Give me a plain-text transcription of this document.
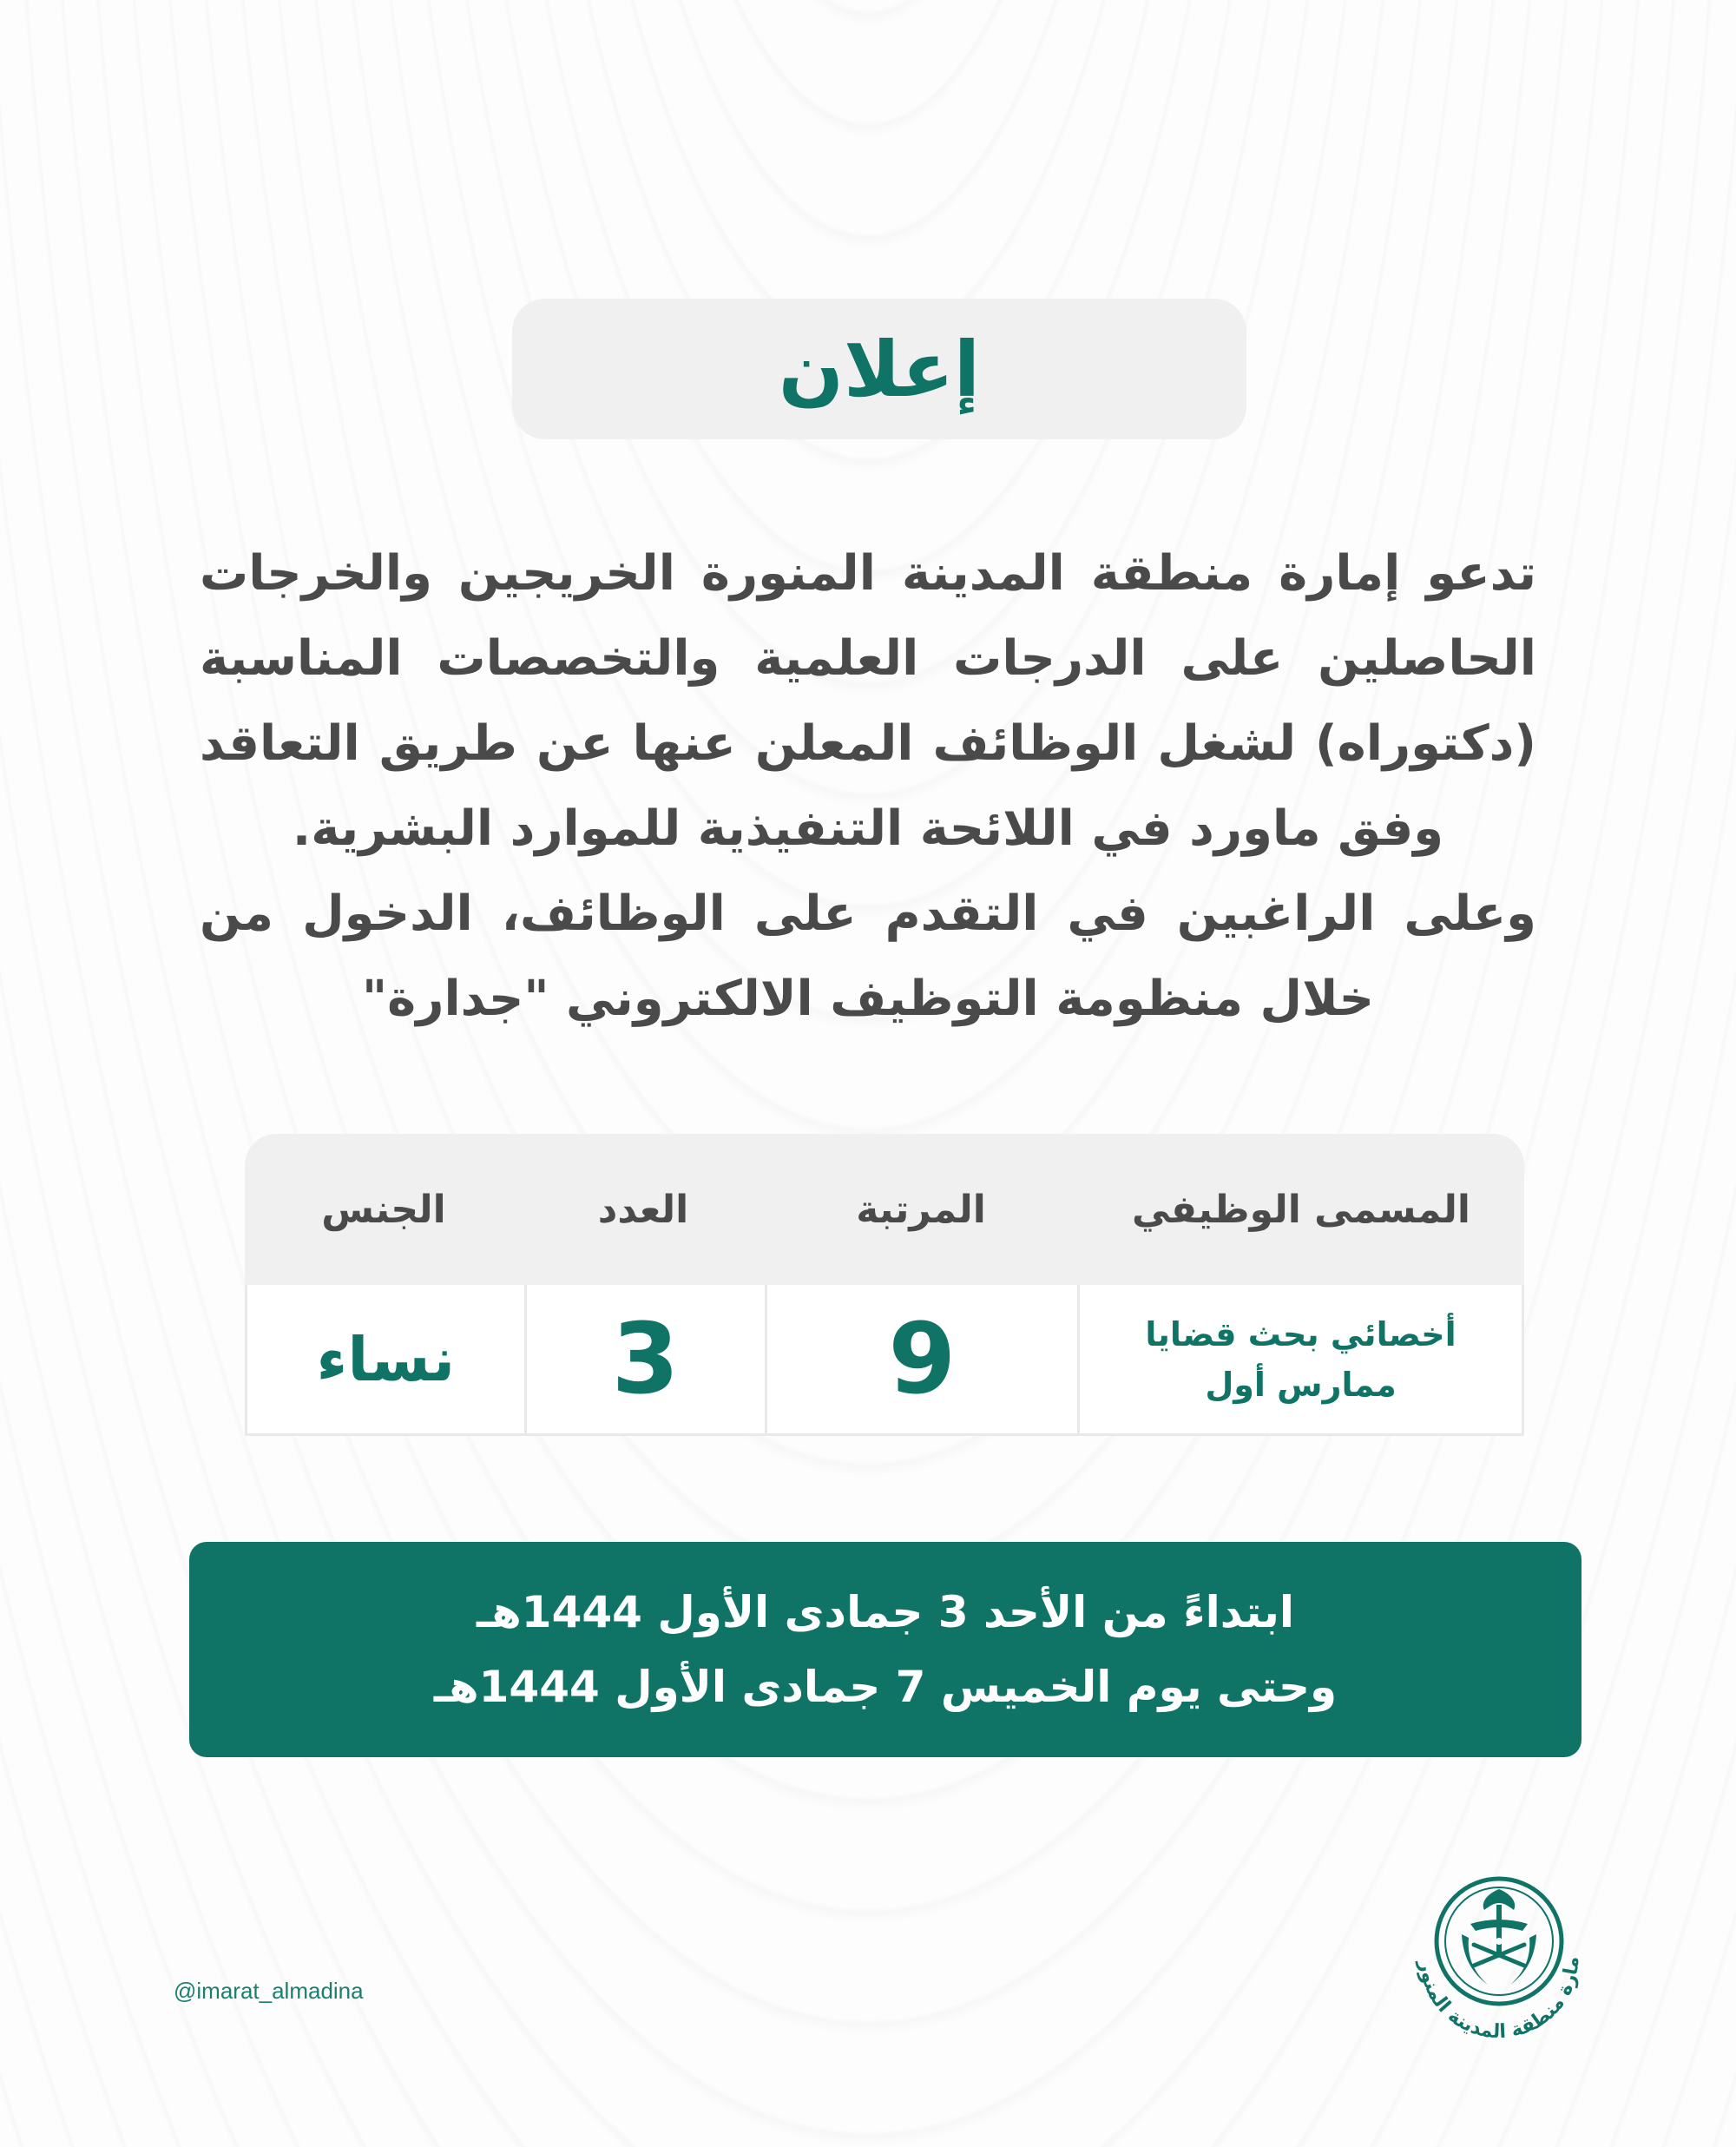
إعلان

تدعو إمارة منطقة المدينة المنورة الخريجين والخرجات الحاصلين على الدرجات العلمية والتخصصات المناسبة (دكتوراه) لشغل الوظائف المعلن عنها عن طريق التعاقد وفق ماورد في اللائحة التنفيذية للموارد البشرية.

وعلى الراغبين في التقدم على الوظائف، الدخول من خلال منظومة التوظيف الالكتروني "جدارة"

المسمى الوظيفي
المرتبة
العدد
الجنس
أخصائي بحث قضايا
ممارس أول
9
3
نساء
ابتداءً من الأحد 3 جمادى الأول 1444هـ
وحتى يوم الخميس 7 جمادى الأول 1444هـ
@imarat_almadina
مارة منطقة المدينة المنور
